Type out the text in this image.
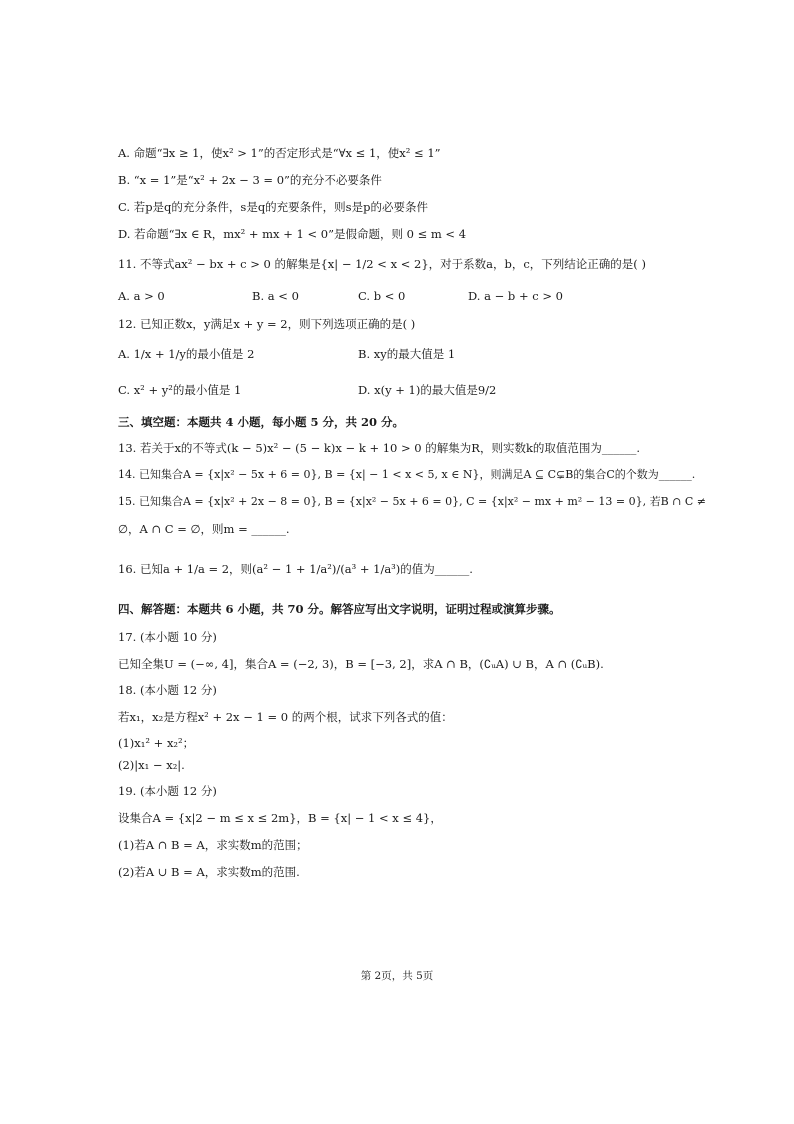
A. 命题“∃x ≥ 1，使x² > 1”的否定形式是“∀x ≤ 1，使x² ≤ 1”
B. “x = 1”是“x² + 2x − 3 = 0”的充分不必要条件
C. 若p是q的充分条件，s是q的充要条件，则s是p的必要条件
D. 若命题“∃x ∈ R，mx² + mx + 1 < 0”是假命题，则 0 ≤ m < 4
11. 不等式ax² − bx + c > 0 的解集是{x| − 1/2 < x < 2}，对于系数a，b，c，下列结论正确的是( )
A. a > 0	B. a < 0	C. b < 0	D. a − b + c > 0
12. 已知正数x，y满足x + y = 2，则下列选项正确的是( )
A. 1/x + 1/y的最小值是 2	B. xy的最大值是 1
C. x² + y²的最小值是 1	D. x(y + 1)的最大值是9/2
三、填空题：本题共 4 小题，每小题 5 分，共 20 分。
13. 若关于x的不等式(k − 5)x² − (5 − k)x − k + 10 > 0 的解集为R，则实数k的取值范围为______.
14. 已知集合A = {x|x² − 5x + 6 = 0}, B = {x| − 1 < x < 5, x ∈ N}，则满足A ⊆ C⊊B的集合C的个数为______.
15. 已知集合A = {x|x² + 2x − 8 = 0}, B = {x|x² − 5x + 6 = 0}, C = {x|x² − mx + m² − 13 = 0}, 若B ∩ C ≠
∅，A ∩ C = ∅，则m = ______.
16. 已知a + 1/a = 2，则(a² − 1 + 1/a²)/(a³ + 1/a³)的值为______.
四、解答题：本题共 6 小题，共 70 分。解答应写出文字说明，证明过程或演算步骤。
17. (本小题 10 分)
已知全集U = (−∞, 4]，集合A = (−2, 3)，B = [−3, 2]，求A ∩ B，(∁ᵤA) ∪ B，A ∩ (∁ᵤB).
18. (本小题 12 分)
若x₁，x₂是方程x² + 2x − 1 = 0 的两个根，试求下列各式的值：
(1)x₁² + x₂²；
(2)|x₁ − x₂|.
19. (本小题 12 分)
设集合A = {x|2 − m ≤ x ≤ 2m}，B = {x| − 1 < x ≤ 4}，
(1)若A ∩ B = A，求实数m的范围；
(2)若A ∪ B = A，求实数m的范围.
第 2页，共 5页
